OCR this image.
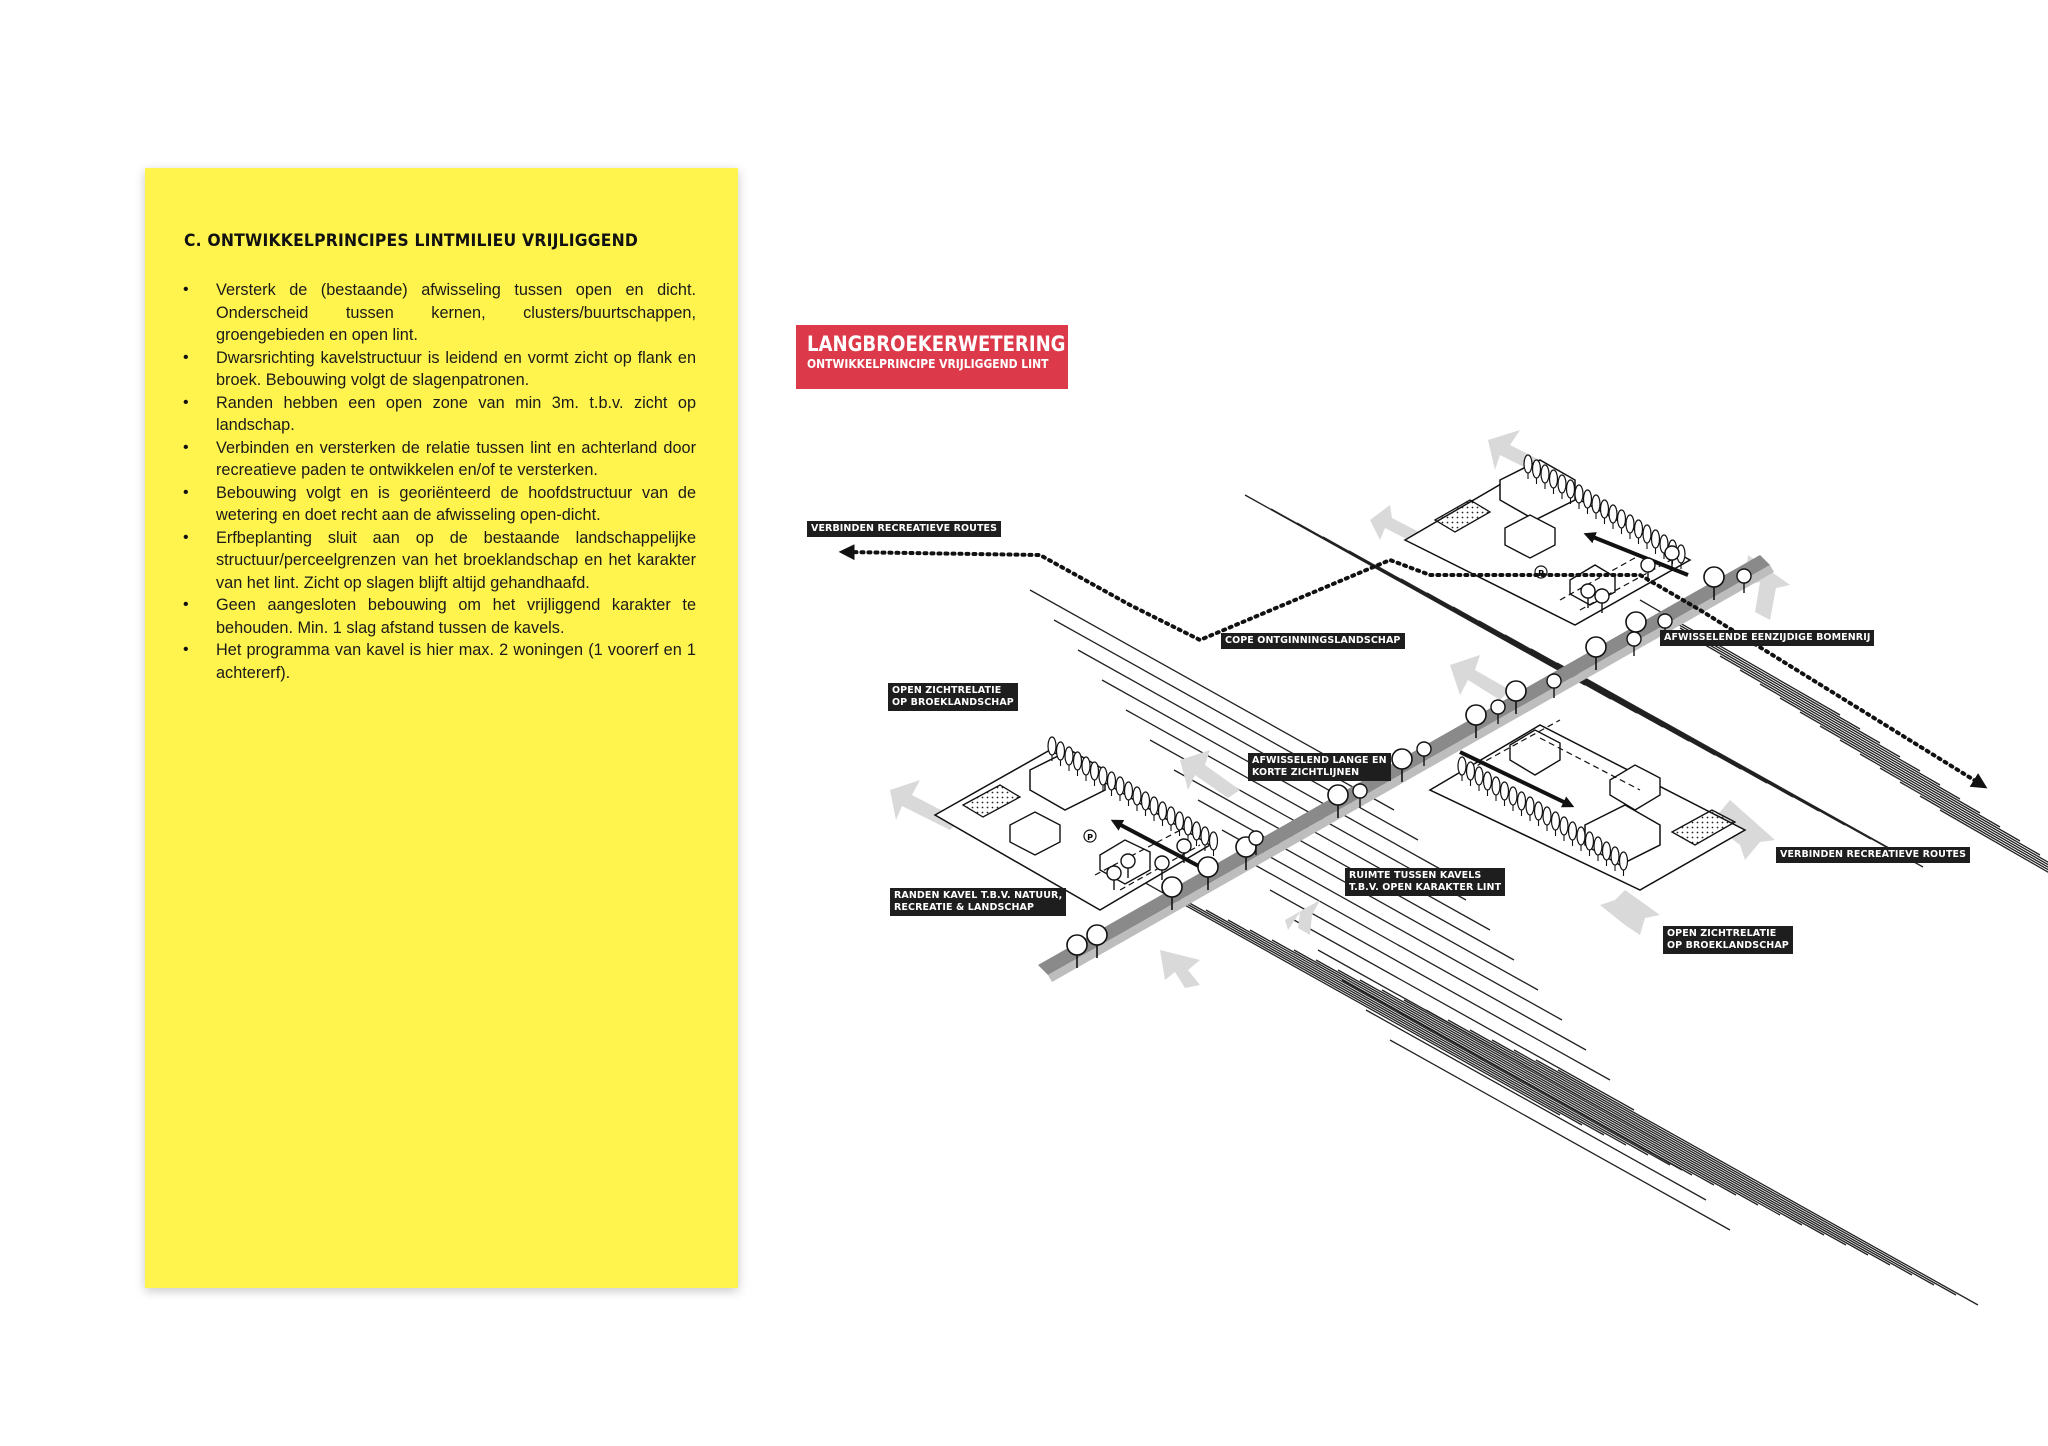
C. ONTWIKKELPRINCIPES LINTMILIEU VRIJLIGGEND
•	Versterk de (bestaande) afwisseling tussen open en dicht. Onderscheid tussen kernen, clusters/buurtschappen, groengebieden en open lint.
•	Dwarsrichting kavelstructuur is leidend en vormt zicht op flank en broek. Bebouwing volgt de slagenpatronen.
•	Randen hebben een open zone van min 3m. t.b.v. zicht op landschap.
•	Verbinden en versterken de relatie tussen lint en achterland door recreatieve paden te ontwikkelen en/of te versterken.
•	Bebouwing volgt en is georiënteerd de hoofdstructuur van de wetering en doet recht aan de afwisseling open-dicht.
•	Erfbeplanting sluit aan op de bestaande landschappelijke structuur/perceelgrenzen van het broeklandschap en het karakter van het lint. Zicht op slagen blijft altijd gehandhaafd.
•	Geen aangesloten bebouwing om het vrijliggend karakter te behouden. Min. 1 slag afstand tussen de kavels.
•	Het programma van kavel is hier max. 2 woningen (1 voorerf en 1 achtererf).
P
P
LANGBROEKERWETERING
ONTWIKKELPRINCIPE VRIJLIGGEND LINT
VERBINDEN RECREATIEVE ROUTES
COPE ONTGINNINGSLANDSCHAP	AFWISSELENDE EENZIJDIGE BOMENRIJ
OPEN ZICHTRELATIE
OP BROEKLANDSCHAP
AFWISSELEND LANGE EN
KORTE ZICHTLIJNEN
VERBINDEN RECREATIEVE ROUTES
RANDEN KAVEL T.B.V. NATUUR,
RECREATIE & LANDSCHAP
RUIMTE TUSSEN KAVELS
T.B.V. OPEN KARAKTER LINT
OPEN ZICHTRELATIE
OP BROEKLANDSCHAP
